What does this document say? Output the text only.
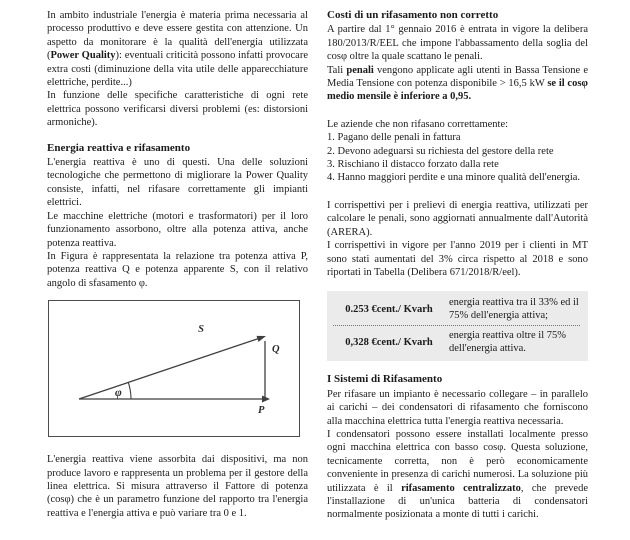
In ambito industriale l'energia è materia prima necessaria al processo produttivo e deve essere gestita con attenzione. Un aspetto da monitorare è la qualità dell'energia utilizzata (Power Quality): eventuali criticità possono infatti provocare extra costi (diminuzione della vita utile delle apparecchiature elettriche, perdite...)

In funzione delle specifiche caratteristiche di ogni rete elettrica possono verificarsi diversi problemi (es: distorsioni armoniche).

Energia reattiva e rifasamento

L'energia reattiva è uno di questi. Una delle soluzioni tecnologiche che permettono di migliorare la Power Quality consiste, infatti, nel rifasare correttamente gli impianti elettrici.

Le macchine elettriche (motori e trasformatori) per il loro funzionamento assorbono, oltre alla potenza attiva, anche potenza reattiva.

In Figura è rappresentata la relazione tra potenza attiva P, potenza reattiva Q e potenza apparente S, con il relativo angolo di sfasamento φ.

S
Q
P
φ

L'energia reattiva viene assorbita dai dispositivi, ma non produce lavoro e rappresenta un problema per il gestore della linea elettrica. Si misura attraverso il Fattore di potenza (cosφ) che è un parametro funzione del rapporto tra l'energia reattiva e l'energia attiva e può variare tra 0 e 1.

Costi di un rifasamento non corretto

A partire dal 1° gennaio 2016 è entrata in vigore la delibera 180/2013/R/EEL che impone l'abbassamento della soglia del cosφ oltre la quale scattano le penali.

Tali penali vengono applicate agli utenti in Bassa Tensione e Media Tensione con potenza disponibile > 16,5 kW se il cosφ medio mensile è inferiore a 0,95.

Le aziende che non rifasano correttamente:

1. Pagano delle penali in fattura
2. Devono adeguarsi su richiesta del gestore della rete
3. Rischiano il distacco forzato dalla rete
4. Hanno maggiori perdite e una minore qualità dell'energia.

I corrispettivi per i prelievi di energia reattiva, utilizzati per calcolare le penali, sono aggiornati annualmente dall'Autorità (ARERA).

I corrispettivi in vigore per l'anno 2019 per i clienti in MT sono stati aumentati del 3% circa rispetto al 2018 e sono riportati in Tabella (Delibera 671/2018/R/eel).

0.253 €cent./ Kvarh
energia reattiva tra il 33% ed il 75% dell'energia attiva;
0,328 €cent./ Kvarh
energia reattiva oltre il 75% dell'energia attiva.
I Sistemi di Rifasamento

Per rifasare un impianto è necessario collegare – in parallelo ai carichi – dei condensatori di rifasamento che forniscono alla macchina elettrica tutta l'energia reattiva necessaria.

I condensatori possono essere installati localmente presso ogni macchina elettrica con basso cosφ. Questa soluzione, tecnicamente corretta, non è però economicamente conveniente in presenza di carichi numerosi. La soluzione più utilizzata è il rifasamento centralizzato, che prevede l'installazione di un'unica batteria di condensatori normalmente posizionata a monte di tutti i carichi.
